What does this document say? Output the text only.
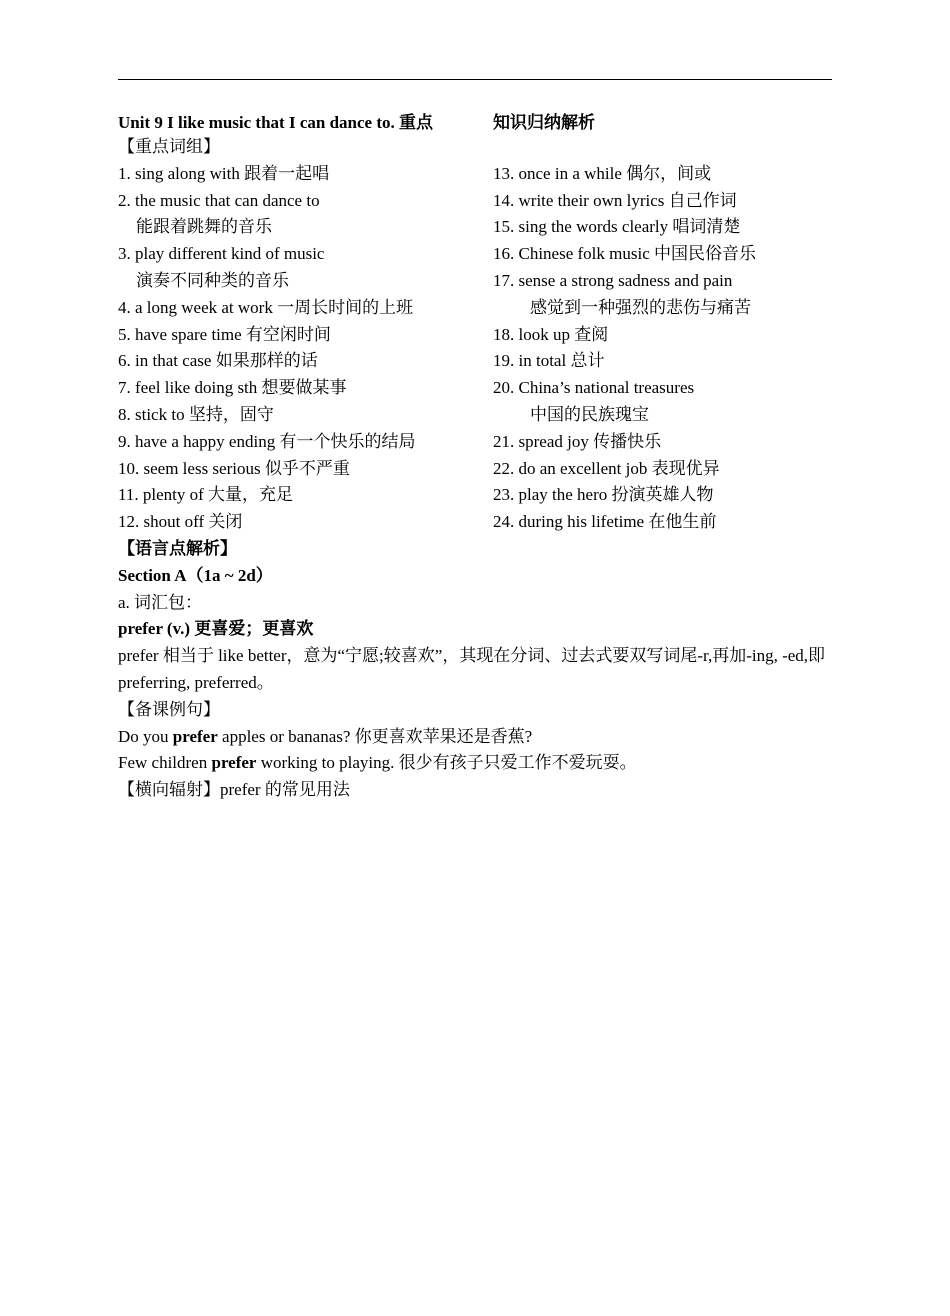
Unit 9 I like music that I can dance to. 重点	知识归纳解析
【重点词组】
1. sing along with 跟着一起唱
2. the music that can dance to
能跟着跳舞的音乐
3. play different kind of music
演奏不同种类的音乐
4. a long week at work 一周长时间的上班
5. have spare time 有空闲时间
6. in that case 如果那样的话
7. feel like doing sth 想要做某事
8. stick to 坚持，固守
9. have a happy ending 有一个快乐的结局
10. seem less serious 似乎不严重
11. plenty of 大量，充足
12. shout off 关闭
13. once in a while 偶尔，间或
14. write their own lyrics 自己作词
15. sing the words clearly 唱词清楚
16. Chinese folk music 中国民俗音乐
17. sense a strong sadness and pain
感觉到一种强烈的悲伤与痛苦
18. look up 查阅
19. in total 总计
20. China’s national treasures
中国的民族瑰宝
21. spread joy 传播快乐
22. do an excellent job 表现优异
23. play the hero 扮演英雄人物
24. during his lifetime 在他生前
【语言点解析】
Section A（1a ~ 2d）
a. 词汇包：
prefer (v.) 更喜爱；更喜欢
prefer 相当于 like better，意为“宁愿;较喜欢”，其现在分词、过去式要双写词尾-r,再加-ing, -ed,即 preferring, preferred。
【备课例句】
Do you prefer apples or bananas? 你更喜欢苹果还是香蕉?
Few children prefer working to playing. 很少有孩子只爱工作不爱玩耍。
【横向辐射】prefer 的常见用法
